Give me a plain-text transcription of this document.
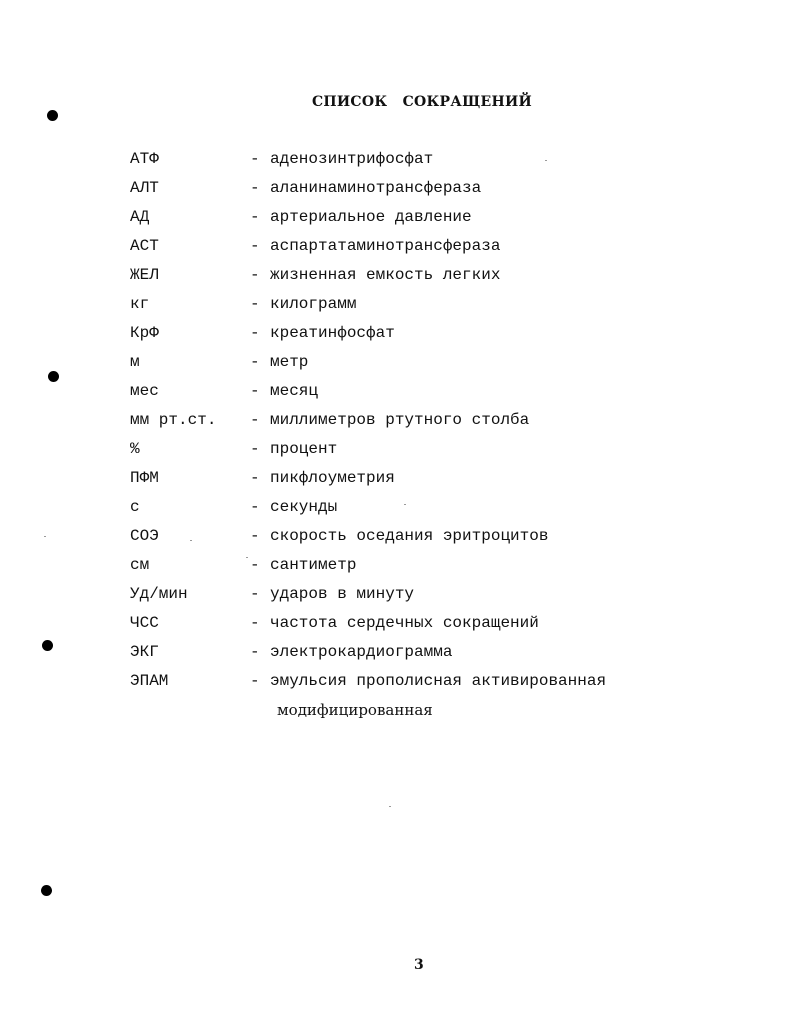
СПИСОК СОКРАЩЕНИЙ
АТФ	- аденозинтрифосфат
АЛТ	- аланинаминотрансфераза
АД	- артериальное давление
АСТ	- аспартатаминотрансфераза
ЖЕЛ	- жизненная емкость легких
кг	- килограмм
КрФ	- креатинфосфат
м	- метр
мес	- месяц
мм рт.ст. - миллиметров ртутного столба
%	- процент
ПФМ	- пикфлоуметрия
с	- секунды
СОЭ	- скорость оседания эритроцитов
см	- сантиметр
Уд/мин	- ударов в минуту
ЧСС	- частота сердечных сокращений
ЭКГ	- электрокардиограмма
ЭПАМ	- эмульсия прополисная активированная
модифицированная
3
